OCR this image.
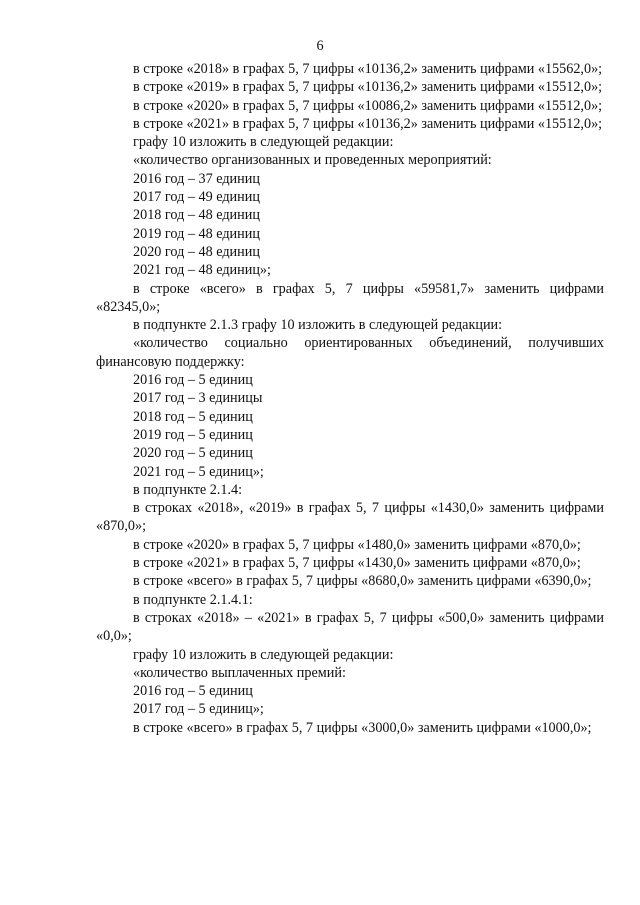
6

в строке «2018» в графах 5, 7 цифры «10136,2» заменить цифрами «15562,0»;

в строке «2019» в графах 5, 7 цифры «10136,2» заменить цифрами «15512,0»;

в строке «2020» в графах 5, 7 цифры «10086,2» заменить цифрами «15512,0»;

в строке «2021» в графах 5, 7 цифры «10136,2» заменить цифрами «15512,0»;

графу 10 изложить в следующей редакции:

«количество организованных и проведенных мероприятий:

2016 год – 37 единиц

2017 год – 49 единиц

2018 год – 48 единиц

2019 год – 48 единиц

2020 год – 48 единиц

2021 год – 48 единиц»;

в строке «всего» в графах 5, 7 цифры «59581,7» заменить цифрами «82345,0»;

в подпункте 2.1.3 графу 10 изложить в следующей редакции:

«количество социально ориентированных объединений, получивших финансовую поддержку:

2016 год – 5 единиц

2017 год – 3 единицы

2018 год – 5 единиц

2019 год – 5 единиц

2020 год – 5 единиц

2021 год – 5 единиц»;

в подпункте 2.1.4:

в строках «2018», «2019» в графах 5, 7 цифры «1430,0» заменить цифрами «870,0»;

в строке «2020» в графах 5, 7 цифры «1480,0» заменить цифрами «870,0»;

в строке «2021» в графах 5, 7 цифры «1430,0» заменить цифрами «870,0»;

в строке «всего» в графах 5, 7 цифры «8680,0» заменить цифрами «6390,0»;

в подпункте 2.1.4.1:

в строках «2018» – «2021» в графах 5, 7 цифры «500,0» заменить цифрами «0,0»;

графу 10 изложить в следующей редакции:

«количество выплаченных премий:

2016 год – 5 единиц

2017 год – 5 единиц»;

в строке «всего» в графах 5, 7 цифры «3000,0» заменить цифрами «1000,0»;
